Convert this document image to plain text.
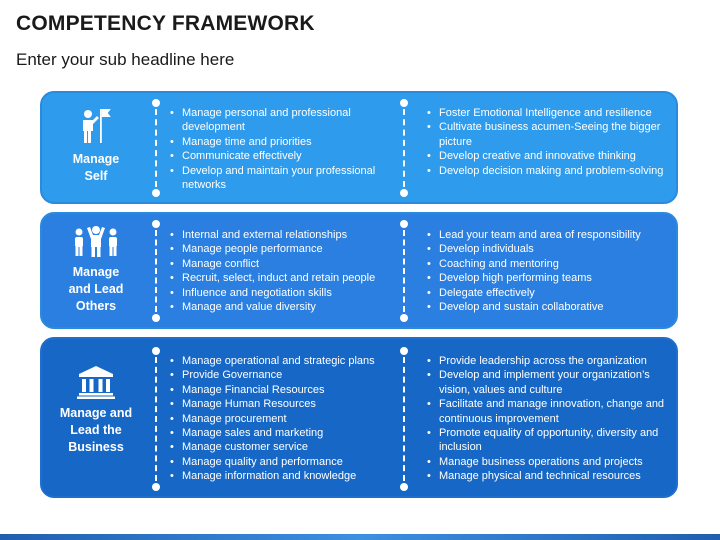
COMPETENCY FRAMEWORK
Enter your sub headline here
Manage
Self
• Manage personal and professional development
• Manage time and priorities
• Communicate effectively
• Develop and maintain your professional networks
• Foster Emotional Intelligence and resilience
• Cultivate business acumen-Seeing the bigger picture
• Develop creative and innovative thinking
• Develop decision making and problem-solving
Manage
and Lead
Others
• Internal and external relationships
• Manage people performance
• Manage conflict
• Recruit, select, induct and retain people
• Influence and negotiation skills
• Manage and value diversity
• Lead your team and area of responsibility
• Develop individuals
• Coaching and mentoring
• Develop high performing teams
• Delegate effectively
• Develop and sustain collaborative
Manage and
Lead the
Business
• Manage operational and strategic plans
• Provide Governance
• Manage Financial Resources
• Manage Human Resources
• Manage procurement
• Manage sales and marketing
• Manage customer service
• Manage quality and performance
• Manage information and knowledge
• Provide leadership across the organization
• Develop and implement your organization’s vision, values and culture
• Facilitate and manage innovation, change and continuous improvement
• Promote equality of opportunity, diversity and inclusion
• Manage business operations and projects
• Manage physical and technical resources
